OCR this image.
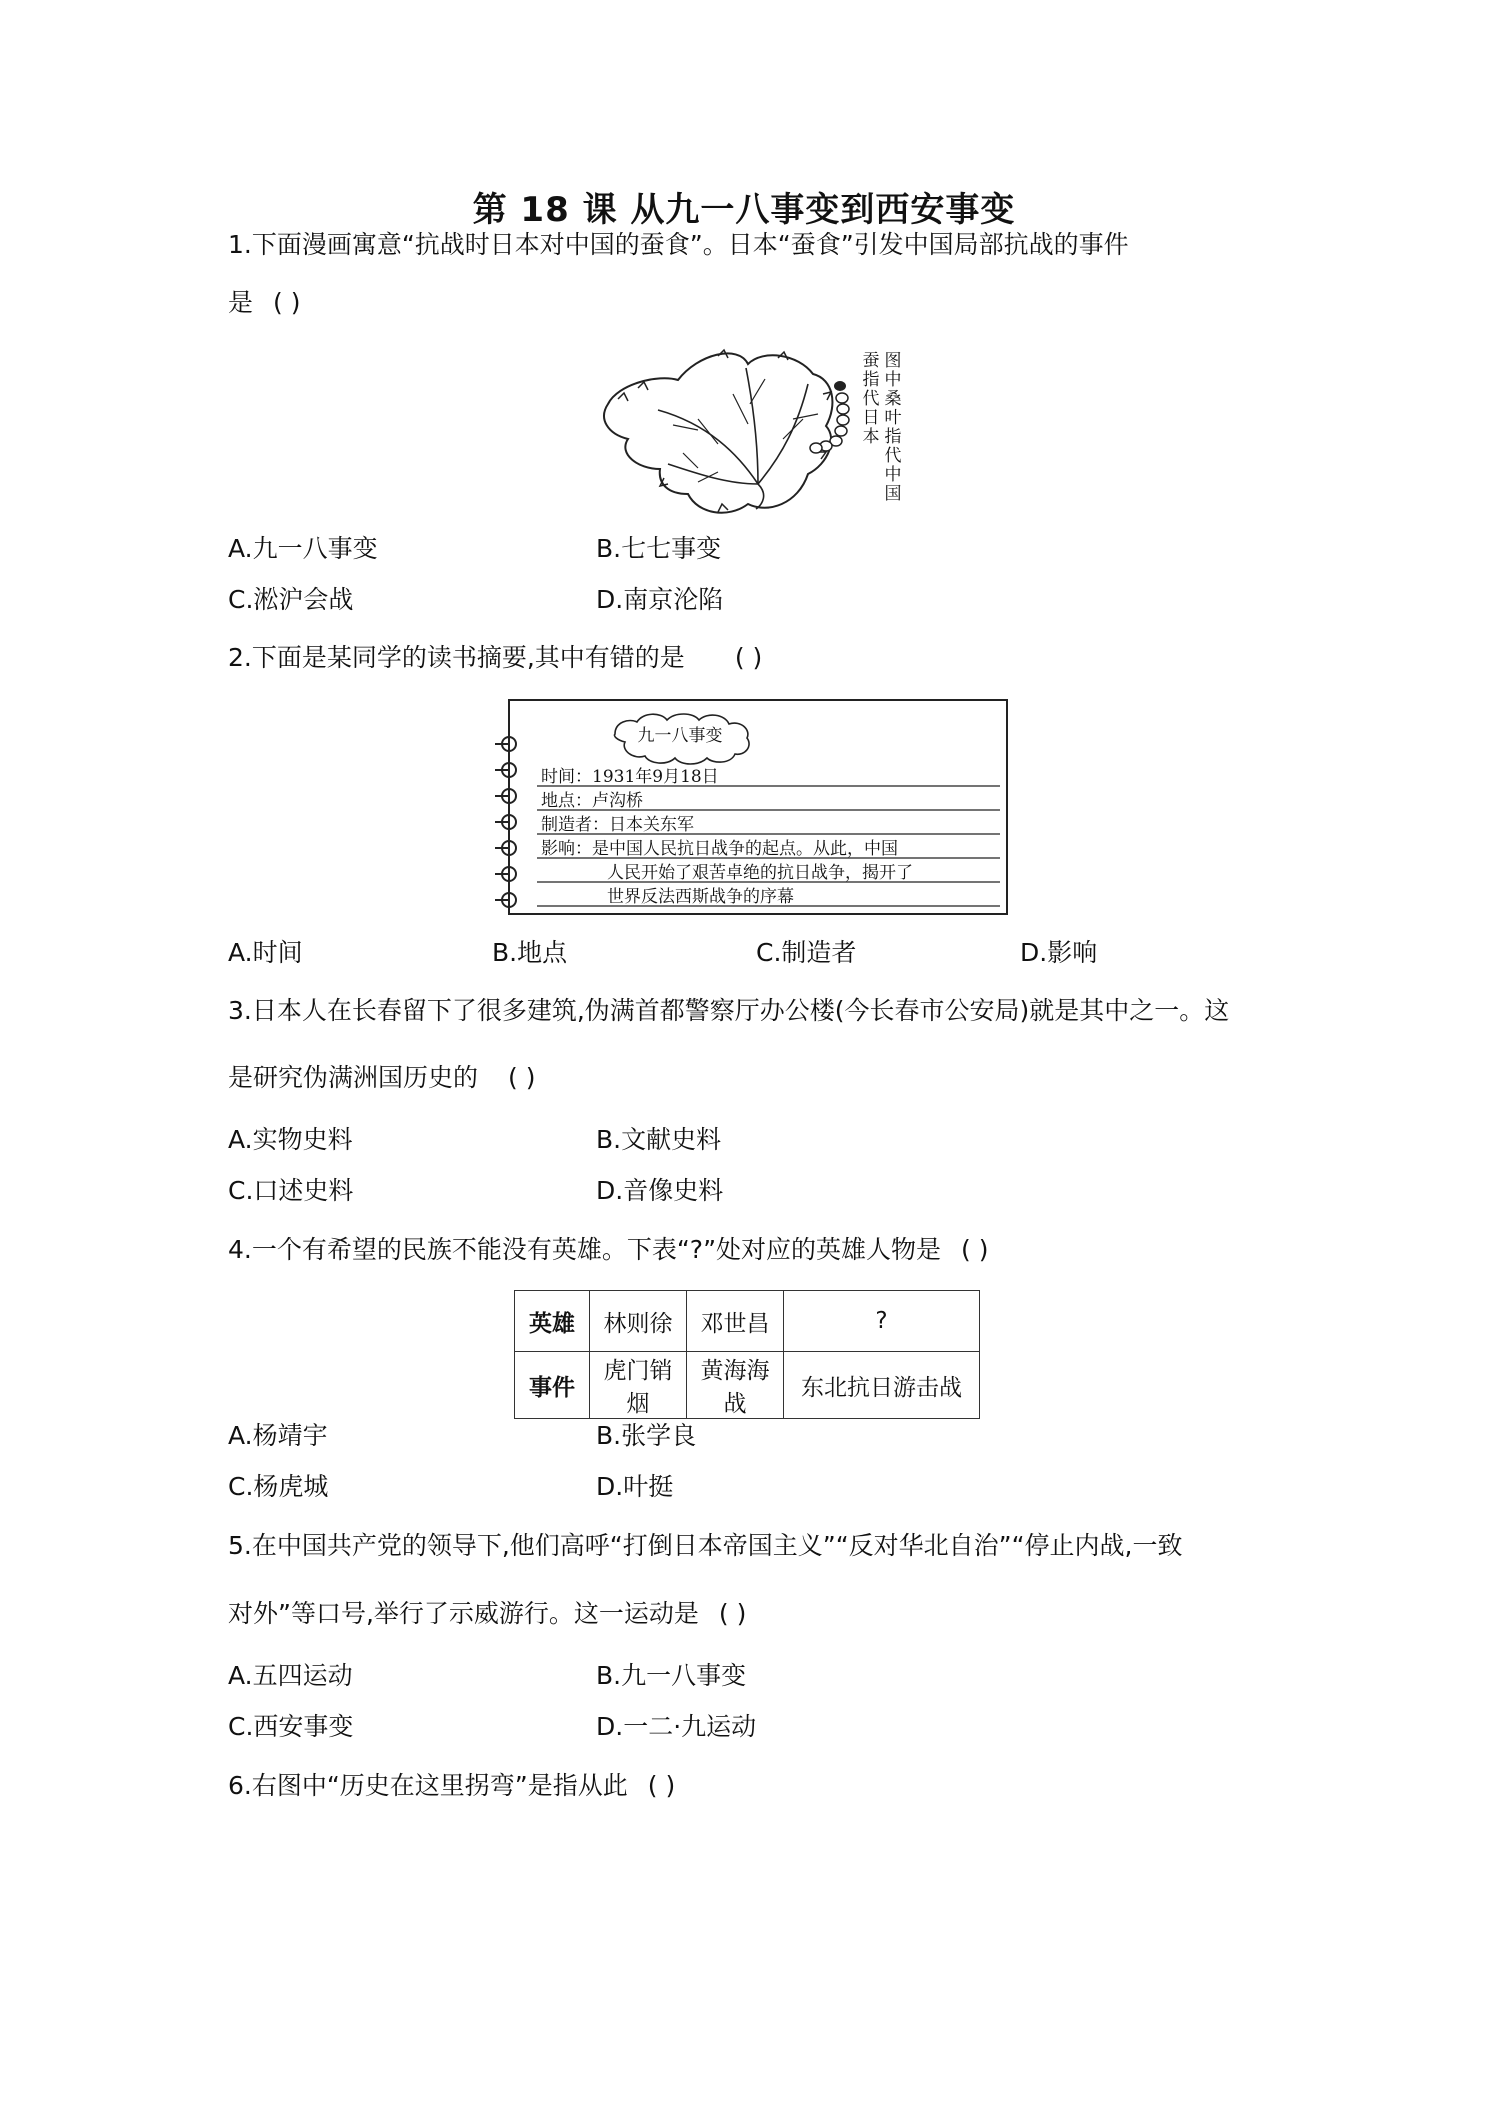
第 18 课 从九一八事变到西安事变
1.下面漫画寓意“抗战时日本对中国的蚕食”。日本“蚕食”引发中国局部抗战的事件
是 ( )
图中桑叶指代中国
蚕指代日本
A.九一八事变	B.七七事变
C.淞沪会战	D.南京沦陷
2.下面是某同学的读书摘要,其中有错的是 ( )
九一八事变
时间：1931年9月18日
地点：卢沟桥
制造者：日本关东军
影响：是中国人民抗日战争的起点。从此，中国
人民开始了艰苦卓绝的抗日战争，揭开了
世界反法西斯战争的序幕
A.时间	B.地点	C.制造者	D.影响
3.日本人在长春留下了很多建筑,伪满首都警察厅办公楼(今长春市公安局)就是其中之一。这
是研究伪满洲国历史的 ( )
A.实物史料	B.文献史料
C.口述史料	D.音像史料
4.一个有希望的民族不能没有英雄。下表“?”处对应的英雄人物是 ( )
英雄	林则徐	邓世昌	?
事件	虎门销烟	黄海海战	东北抗日游击战
A.杨靖宇	B.张学良
C.杨虎城	D.叶挺
5.在中国共产党的领导下,他们高呼“打倒日本帝国主义”“反对华北自治”“停止内战,一致
对外”等口号,举行了示威游行。这一运动是 ( )
A.五四运动	B.九一八事变
C.西安事变	D.一二·九运动
6.右图中“历史在这里拐弯”是指从此 ( )
